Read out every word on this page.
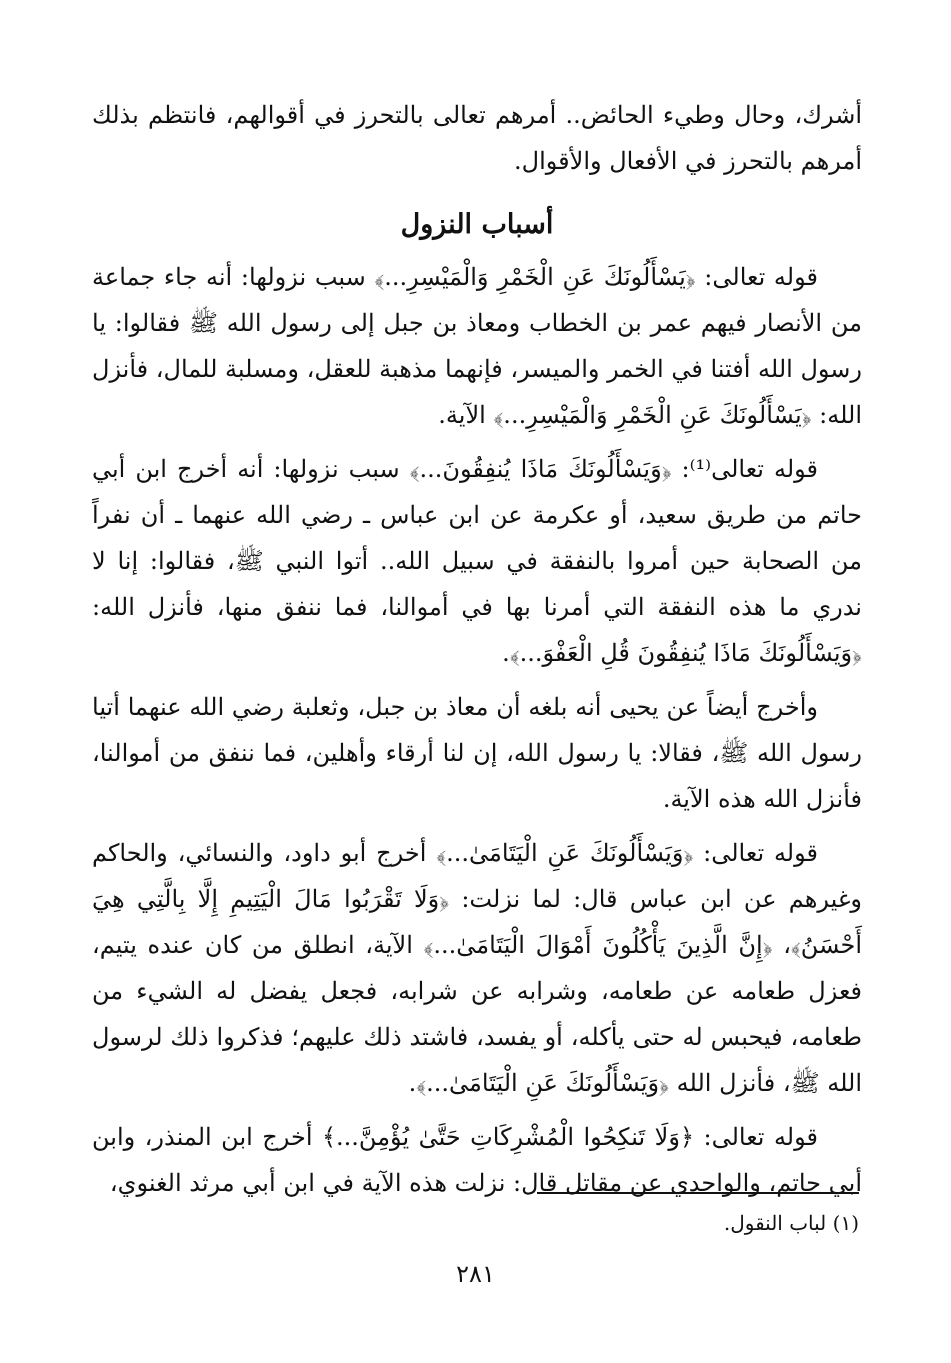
أشرك، وحال وطيء الحائض.. أمرهم تعالى بالتحرز في أقوالهم، فانتظم بذلك أمرهم بالتحرز في الأفعال والأقوال.

أسباب النزول

قوله تعالى: ﴿يَسْأَلُونَكَ عَنِ الْخَمْرِ وَالْمَيْسِرِ...﴾ سبب نزولها: أنه جاء جماعة من الأنصار فيهم عمر بن الخطاب ومعاذ بن جبل إلى رسول الله ﷺ فقالوا: يا رسول الله أفتنا في الخمر والميسر، فإنهما مذهبة للعقل، ومسلبة للمال، فأنزل الله: ﴿يَسْأَلُونَكَ عَنِ الْخَمْرِ وَالْمَيْسِرِ...﴾ الآية.

قوله تعالى⁽¹⁾: ﴿وَيَسْأَلُونَكَ مَاذَا يُنفِقُونَ...﴾ سبب نزولها: أنه أخرج ابن أبي حاتم من طريق سعيد، أو عكرمة عن ابن عباس ـ رضي الله عنهما ـ أن نفراً من الصحابة حين أمروا بالنفقة في سبيل الله.. أتوا النبي ﷺ، فقالوا: إنا لا ندري ما هذه النفقة التي أمرنا بها في أموالنا، فما ننفق منها، فأنزل الله: ﴿وَيَسْأَلُونَكَ مَاذَا يُنفِقُونَ قُلِ الْعَفْوَ...﴾.

وأخرج أيضاً عن يحيى أنه بلغه أن معاذ بن جبل، وثعلبة رضي الله عنهما أتيا رسول الله ﷺ، فقالا: يا رسول الله، إن لنا أرقاء وأهلين، فما ننفق من أموالنا، فأنزل الله هذه الآية.

قوله تعالى: ﴿وَيَسْأَلُونَكَ عَنِ الْيَتَامَىٰ...﴾ أخرج أبو داود، والنسائي، والحاكم وغيرهم عن ابن عباس قال: لما نزلت: ﴿وَلَا تَقْرَبُوا مَالَ الْيَتِيمِ إِلَّا بِالَّتِي هِيَ أَحْسَنُ﴾، ﴿إِنَّ الَّذِينَ يَأْكُلُونَ أَمْوَالَ الْيَتَامَىٰ...﴾ الآية، انطلق من كان عنده يتيم، فعزل طعامه عن طعامه، وشرابه عن شرابه، فجعل يفضل له الشيء من طعامه، فيحبس له حتى يأكله، أو يفسد، فاشتد ذلك عليهم؛ فذكروا ذلك لرسول الله ﷺ، فأنزل الله ﴿وَيَسْأَلُونَكَ عَنِ الْيَتَامَىٰ...﴾.

قوله تعالى: ﴿وَلَا تَنكِحُوا الْمُشْرِكَاتِ حَتَّىٰ يُؤْمِنَّ...﴾ أخرج ابن المنذر، وابن أبي حاتم، والواحدي عن مقاتل قال: نزلت هذه الآية في ابن أبي مرثد الغنوي،

(١) لباب النقول.
٢٨١
